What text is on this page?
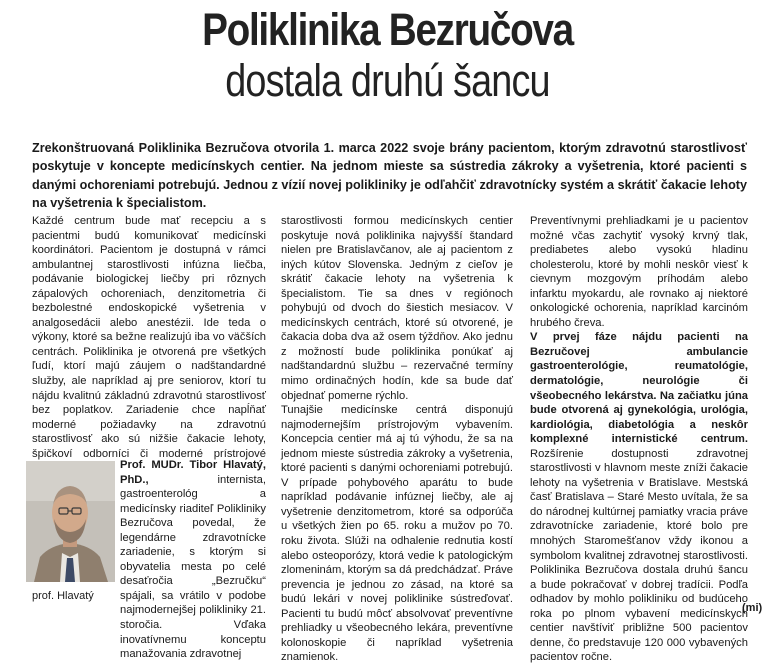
Poliklinika Bezručova
dostala druhú šancu
Zrekonštruovaná Poliklinika Bezručova otvorila 1. marca 2022 svoje brány pacientom, ktorým zdravotnú starostlivosť poskytuje v koncepte medicínskych centier. Na jednom mieste sa sústredia zákroky a vyšetrenia, ktoré pacienti s danými ochoreniami potrebujú. Jednou z vízií novej polikliniky je odľahčiť zdravotnícky systém a skrátiť čakacie lehoty na vyšetrenia k špecialistom.

Každé centrum bude mať recepciu a s pacientmi budú komunikovať medicínski koordinátori. Pacientom je dostupná v rámci ambulantnej starostlivosti infúzna liečba, podávanie biologickej liečby pri rôznych zápalových ochoreniach, denzitometria či bezbolestné endoskopické vyšetrenia v analgosedácii alebo anestézii. Ide teda o výkony, ktoré sa bežne realizujú iba vo väčších centrách. Poliklinika je otvorená pre všetkých ľudí, ktorí majú záujem o nadštandardné služby, ale napríklad aj pre seniorov, ktorí tu nájdu kvalitnú základnú zdravotnú starostlivosť bez poplatkov. Zariadenie chce napĺňať moderné požiadavky na zdravotnú starostlivosť ako sú nižšie čakacie lehoty, špičkoví odborníci či moderné prístrojové

prof. Hlavatý
Prof. MUDr. Tibor Hlavatý, PhD., internista, gastroenterológ a medicínsky riaditeľ Polikliniky Bezručova povedal, že legendárne zdravotnícke zariadenie, s ktorým si obyvatelia mesta po celé desaťročia „Bezručku“ spájali, sa vrátilo v podobe najmodernejšej polikliniky 21. storočia. Vďaka inovatívnemu konceptu manažovania zdravotnej

starostlivosti formou medicínskych centier poskytuje nová poliklinika najvyšší štandard nielen pre Bratislavčanov, ale aj pacientom z iných kútov Slovenska. Jedným z cieľov je skrátiť čakacie lehoty na vyšetrenia k špecialistom. Tie sa dnes v regiónoch pohybujú od dvoch do šiestich mesiacov. V medicínskych centrách, ktoré sú otvorené, je čakacia doba dva až osem týždňov. Ako jednu z možností bude poliklinika ponúkať aj nadštandardnú službu – rezervačné termíny mimo ordinačných hodín, kde sa bude dať objednať pomerne rýchlo.

Tunajšie medicínske centrá disponujú najmodernejším prístrojovým vybavením. Koncepcia centier má aj tú výhodu, že sa na jednom mieste sústredia zákroky a vyšetrenia, ktoré pacienti s danými ochoreniami potrebujú. V prípade pohybového aparátu to bude napríklad podávanie infúznej liečby, ale aj vyšetrenie denzitometrom, ktoré sa odporúča u všetkých žien po 65. roku a mužov po 70. roku života. Slúži na odhalenie rednutia kostí alebo osteoporózy, ktorá vedie k patologickým zlomeninám, ktorým sa dá predchádzať. Práve prevencia je jednou zo zásad, na ktoré sa budú lekári v novej poliklinike sústreďovať. Pacienti tu budú môcť absolvovať preventívne prehliadky u všeobecného lekára, preventívne kolonoskopie či napríklad vyšetrenia znamienok.

Preventívnymi prehliadkami je u pacientov možné včas zachytiť vysoký krvný tlak, prediabetes alebo vysokú hladinu cholesterolu, ktoré by mohli neskôr viesť k cievnym mozgovým príhodám alebo infarktu myokardu, ale rovnako aj niektoré onkologické ochorenia, napríklad karcinóm hrubého čreva.

V prvej fáze nájdu pacienti na Bezručovej ambulancie gastroenterológie, reumatológie, dermatológie, neurológie či všeobecného lekárstva. Na začiatku júna bude otvorená aj gynekológia, urológia, kardiológia, diabetológia a neskôr komplexné internistické centrum. Rozšírenie dostupnosti zdravotnej starostlivosti v hlavnom meste zníži čakacie lehoty na vyšetrenia v Bratislave. Mestská časť Bratislava – Staré Mesto uvítala, že sa do národnej kultúrnej pamiatky vracia práve zdravotnícke zariadenie, ktoré bolo pre mnohých Staromešťanov vždy ikonou a symbolom kvalitnej zdravotnej starostlivosti. Poliklinika Bezručova dostala druhú šancu a bude pokračovať v dobrej tradícii. Podľa odhadov by mohlo polikliniku od budúceho roka po plnom vybavení medicínskych centier navštíviť približne 500 pacientov denne, čo predstavuje 120 000 vybavených pacientov ročne.

(mi)
